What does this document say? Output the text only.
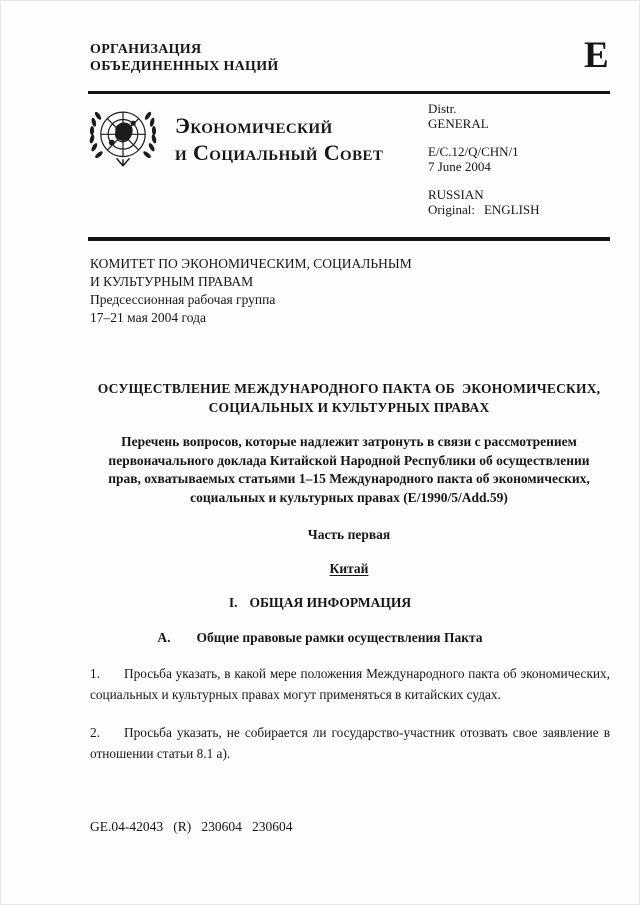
ОРГАНИЗАЦИЯ
ОБЪЕДИНЕННЫХ НАЦИЙ	E
Экономический
и Социальный Совет
Distr.
GENERAL
E/C.12/Q/CHN/1
7 June 2004
RUSSIAN
Original: ENGLISH
КОМИТЕТ ПО ЭКОНОМИЧЕСКИМ, СОЦИАЛЬНЫМ
И КУЛЬТУРНЫМ ПРАВАМ
Предсессионная рабочая группа
17–21 мая 2004 года
ОСУЩЕСТВЛЕНИЕ МЕЖДУНАРОДНОГО ПАКТА ОБ  ЭКОНОМИЧЕСКИХ,
СОЦИАЛЬНЫХ И КУЛЬТУРНЫХ ПРАВАХ
Перечень вопросов, которые надлежит затронуть в связи с рассмотрением первоначального доклада Китайской Народной Республики об осуществлении прав, охватываемых статьями 1–15 Международного пакта об экономических, социальных и культурных правах (E/1990/5/Add.59)
Часть первая
Китай
I. ОБЩАЯ ИНФОРМАЦИЯ
A. Общие правовые рамки осуществления Пакта
1. Просьба указать, в какой мере положения Международного пакта об экономических, социальных и культурных правах могут применяться в китайских судах.
2. Просьба указать, не собирается ли государство-участник отозвать свое заявление в отношении статьи 8.1 а).
GE.04-42043   (R)   230604   230604
